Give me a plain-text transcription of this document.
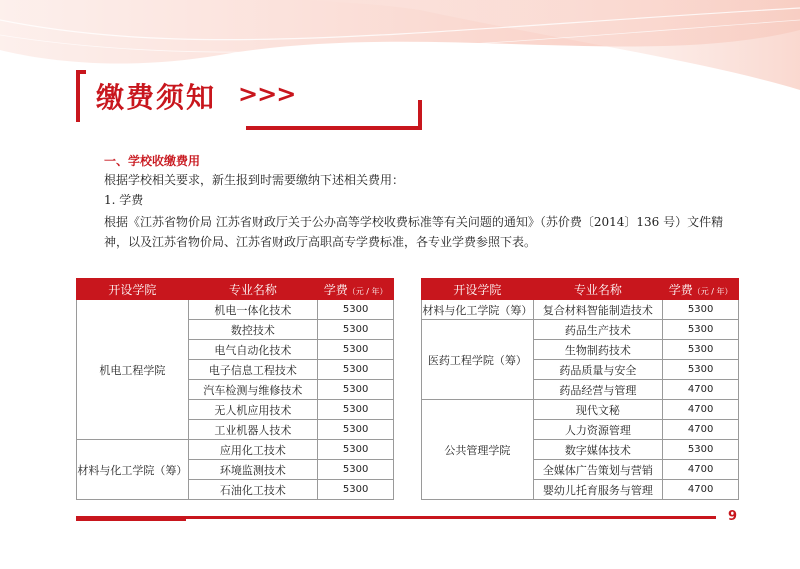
缴费须知 >>>
一、学校收缴费用
根据学校相关要求，新生报到时需要缴纳下述相关费用：
1. 学费
根据《江苏省物价局 江苏省财政厅关于公办高等学校收费标准等有关问题的通知》（苏价费〔2014〕136 号）文件精神，以及江苏省物价局、江苏省财政厅高职高专学费标准，各专业学费参照下表。
开设学院	专业名称	学费（元 / 年）
机电工程学院	机电一体化技术	5300
	数控技术	5300
	电气自动化技术	5300
	电子信息工程技术	5300
	汽车检测与维修技术	5300
	无人机应用技术	5300
	工业机器人技术	5300
材料与化工学院（筹）	应用化工技术	5300
	环境监测技术	5300
	石油化工技术	5300
开设学院	专业名称	学费（元 / 年）
材料与化工学院（筹）	复合材料智能制造技术	5300
医药工程学院（筹）	药品生产技术	5300
	生物制药技术	5300
	药品质量与安全	5300
	药品经营与管理	4700
公共管理学院	现代文秘	4700
	人力资源管理	4700
	数字媒体技术	5300
	全媒体广告策划与营销	4700
	婴幼儿托育服务与管理	4700
9
